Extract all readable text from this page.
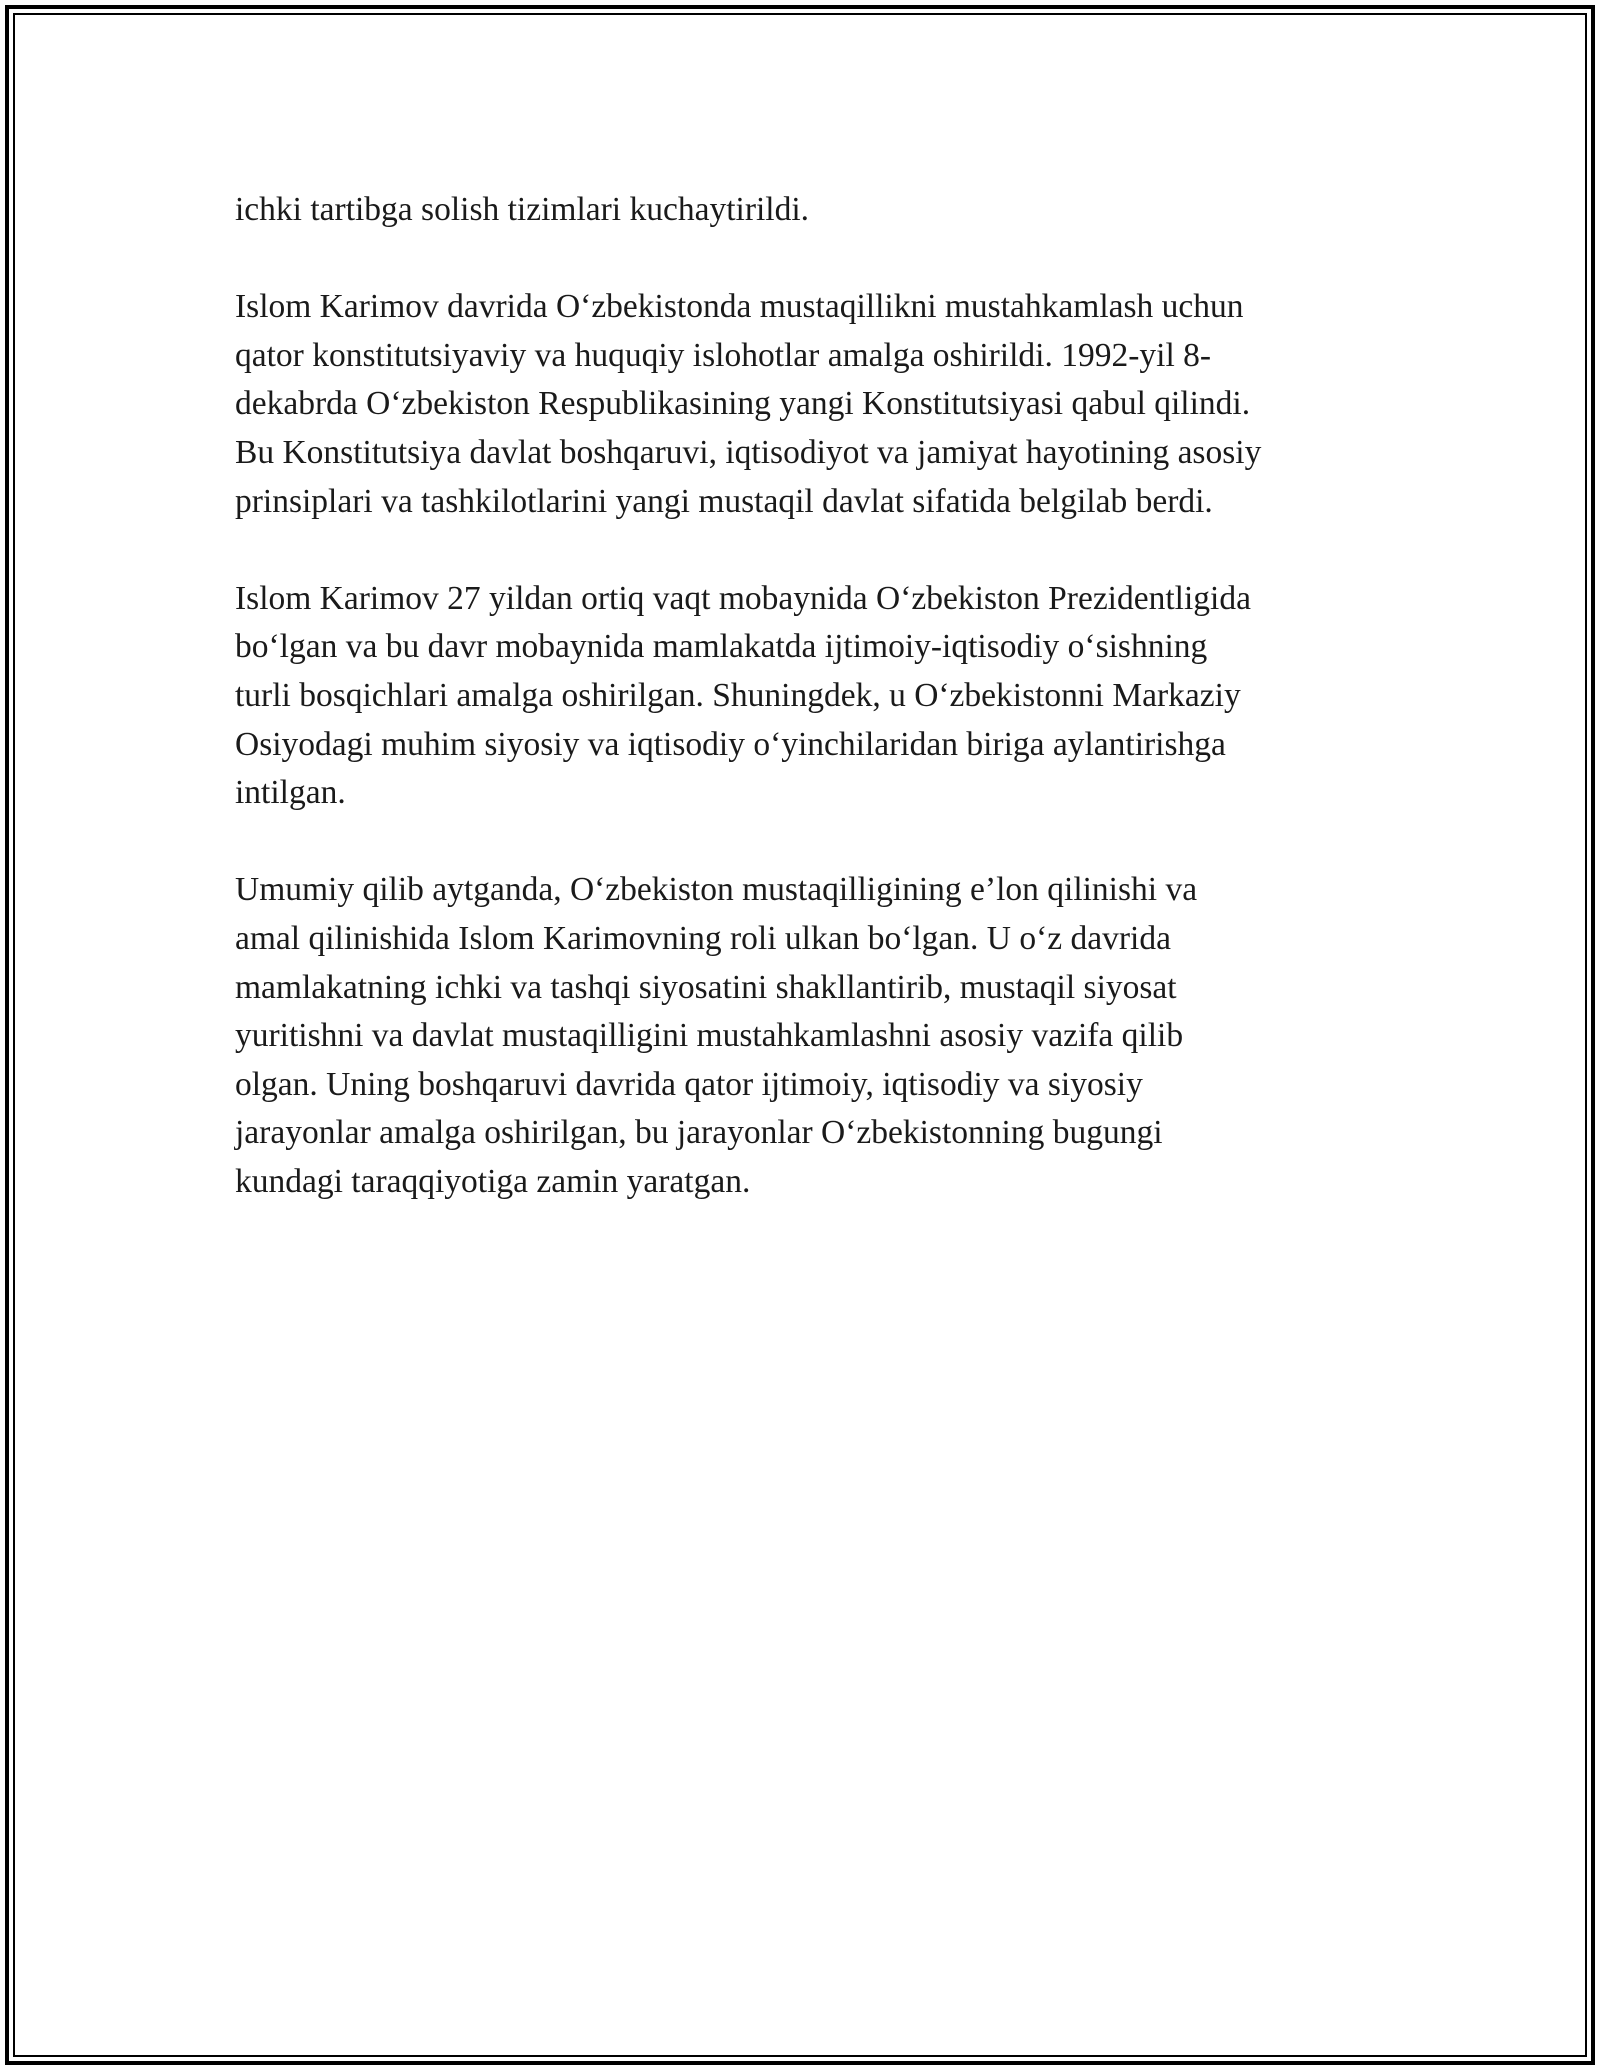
ichki tartibga solish tizimlari kuchaytirildi.

Islom Karimov davrida O‘zbekistonda mustaqillikni mustahkamlash uchun
qator konstitutsiyaviy va huquqiy islohotlar amalga oshirildi. 1992-yil 8-
dekabrda O‘zbekiston Respublikasining yangi Konstitutsiyasi qabul qilindi.
Bu Konstitutsiya davlat boshqaruvi, iqtisodiyot va jamiyat hayotining asosiy
prinsiplari va tashkilotlarini yangi mustaqil davlat sifatida belgilab berdi.

Islom Karimov 27 yildan ortiq vaqt mobaynida O‘zbekiston Prezidentligida
bo‘lgan va bu davr mobaynida mamlakatda ijtimoiy-iqtisodiy o‘sishning
turli bosqichlari amalga oshirilgan. Shuningdek, u O‘zbekistonni Markaziy
Osiyodagi muhim siyosiy va iqtisodiy o‘yinchilaridan biriga aylantirishga
intilgan.

Umumiy qilib aytganda, O‘zbekiston mustaqilligining e’lon qilinishi va
amal qilinishida Islom Karimovning roli ulkan bo‘lgan. U o‘z davrida
mamlakatning ichki va tashqi siyosatini shakllantirib, mustaqil siyosat
yuritishni va davlat mustaqilligini mustahkamlashni asosiy vazifa qilib
olgan. Uning boshqaruvi davrida qator ijtimoiy, iqtisodiy va siyosiy
jarayonlar amalga oshirilgan, bu jarayonlar O‘zbekistonning bugungi
kundagi taraqqiyotiga zamin yaratgan.
